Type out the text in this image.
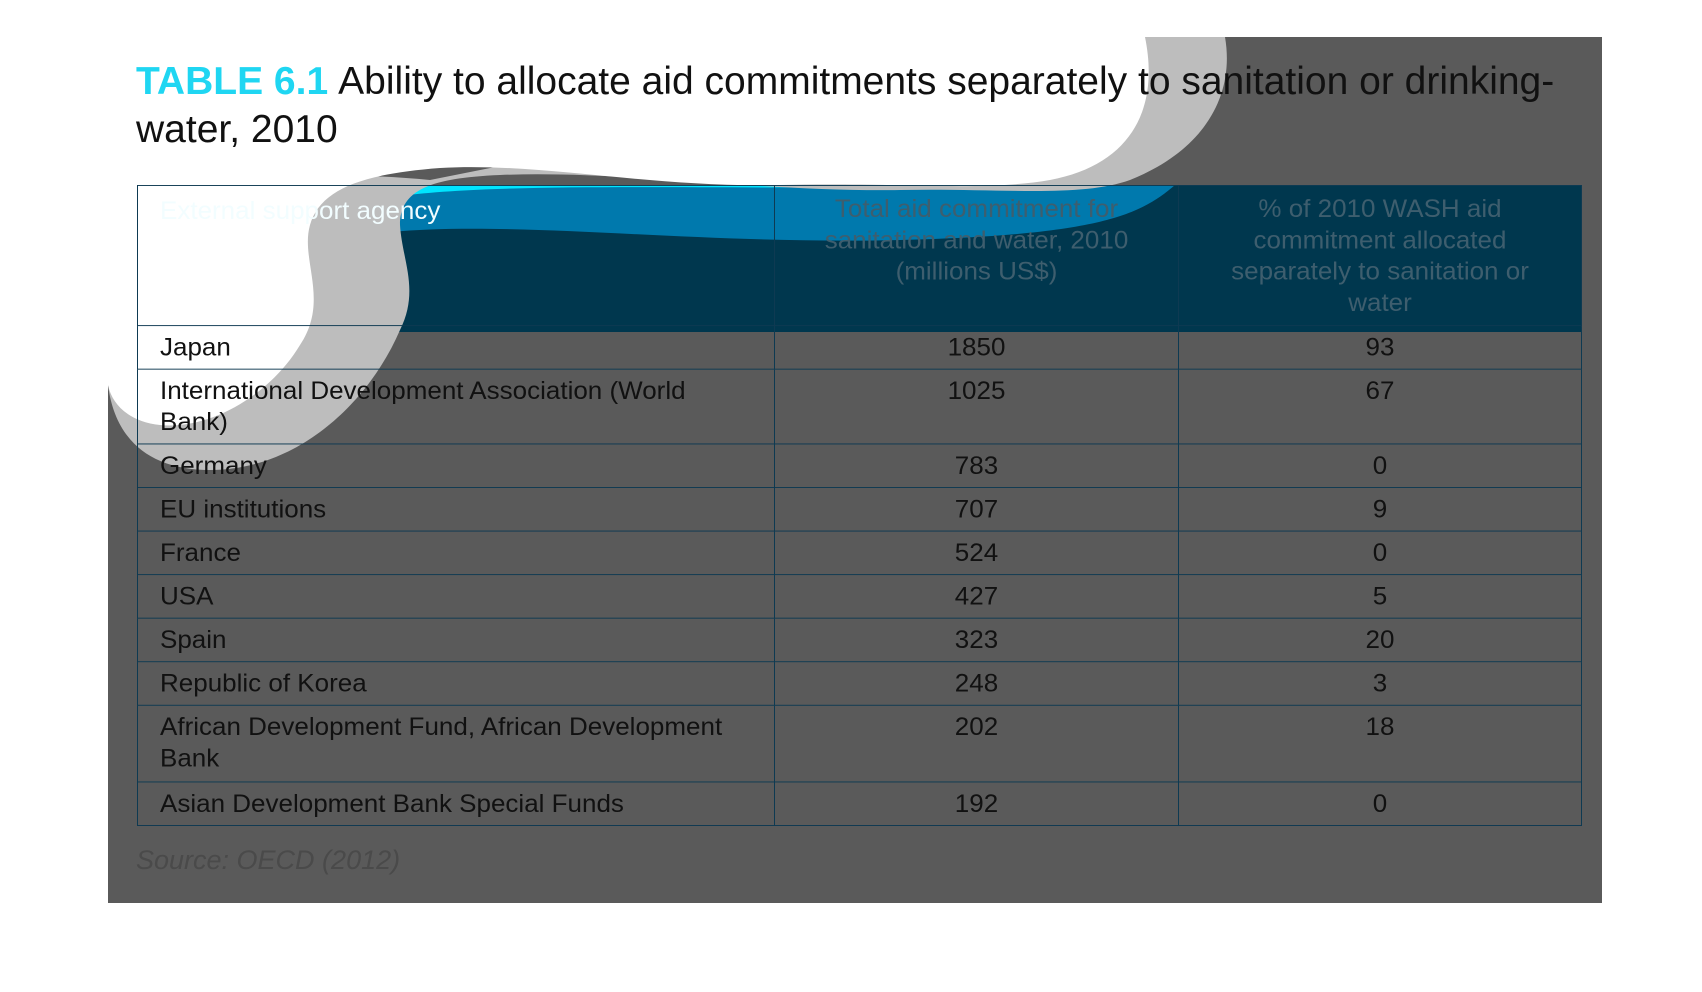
TABLE 6.1 Ability to allocate aid commitments separately to sanitation or drinking-water, 2010
External support agency	Total aid commitment for sanitation and water, 2010 (millions US$)	% of 2010 WASH aid commitment allocated separately to sanitation or water
Japan	1850	93
International Development Association (World Bank)	1025	67
Germany	783	0
EU institutions	707	9
France	524	0
USA	427	5
Spain	323	20
Republic of Korea	248	3
African Development Fund, African Development Bank	202	18
Asian Development Bank Special Funds	192	0
Source: OECD (2012)
